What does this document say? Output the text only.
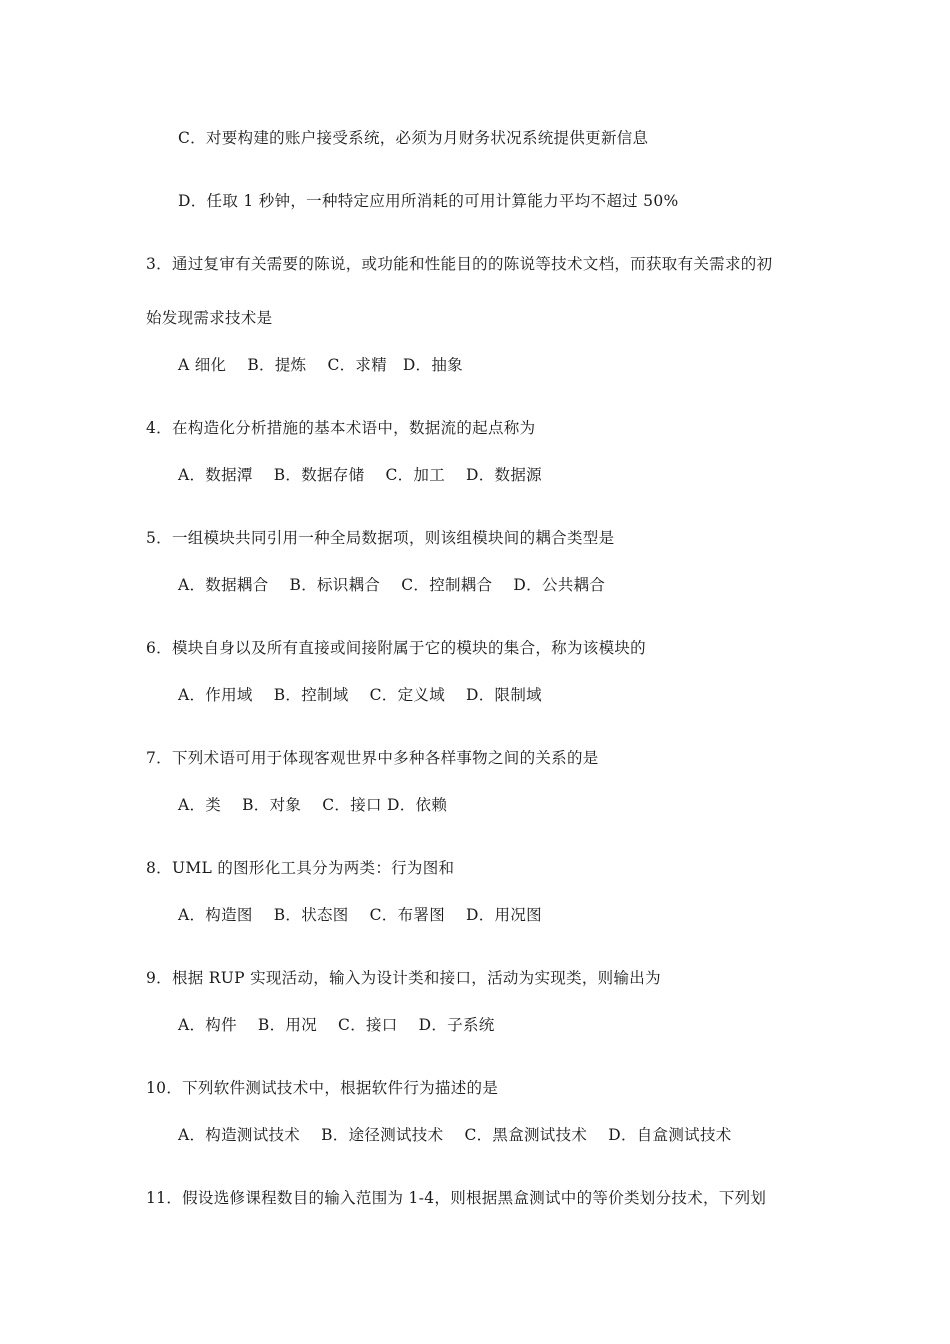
C．对要构建的账户接受系统，必须为月财务状况系统提供更新信息
D．任取 1 秒钟，一种特定应用所消耗的可用计算能力平均不超过 50%
3．通过复审有关需要的陈说，或功能和性能目的的陈说等技术文档，而获取有关需求的初
始发现需求技术是
A 细化　 B．提炼　 C．求精　D．抽象
4．在构造化分析措施的基本术语中，数据流的起点称为
A．数据潭　 B．数据存储　 C．加工　 D．数据源
5．一组模块共同引用一种全局数据项，则该组模块间的耦合类型是
A．数据耦合　 B．标识耦合　 C．控制耦合　 D．公共耦合
6．模块自身以及所有直接或间接附属于它的模块的集合，称为该模块的
A．作用域　 B．控制域　 C．定义域　 D．限制域
7．下列术语可用于体现客观世界中多种各样事物之间的关系的是
A．类　 B．对象　 C．接口 D．依赖
8．UML 的图形化工具分为两类：行为图和
A．构造图　 B．状态图　 C．布署图　 D．用况图
9．根据 RUP 实现活动，输入为设计类和接口，活动为实现类，则输出为
A．构件　 B．用况　 C．接口　 D．子系统
10．下列软件测试技术中，根据软件行为描述的是
A．构造测试技术　 B．途径测试技术　 C．黑盒测试技术　 D．自盒测试技术
11．假设选修课程数目的输入范围为 1-4，则根据黑盒测试中的等价类划分技术，下列划
